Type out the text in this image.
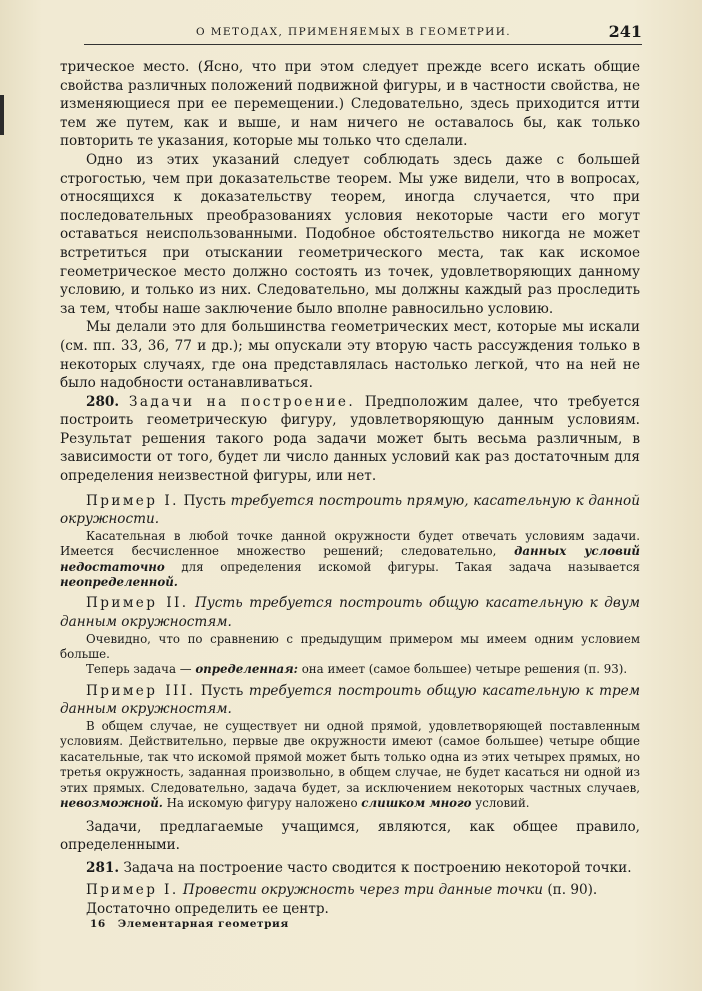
О МЕТОДАХ, ПРИМЕНЯЕМЫХ В ГЕОМЕТРИИ.	241

трическое место. (Ясно, что при этом следует прежде всего искать общие свойства различных положений подвижной фигуры, и в частности свойства, не изменяющиеся при ее перемещении.) Следовательно, здесь приходится итти тем же путем, как и выше, и нам ничего не оставалось бы, как только повторить те указания, которые мы только что сделали.

Одно из этих указаний следует соблюдать здесь даже с большей строгостью, чем при доказательстве теорем. Мы уже видели, что в вопросах, относящихся к доказательству теорем, иногда случается, что при последовательных преобразованиях условия некоторые части его могут оставаться неиспользованными. Подобное обстоятельство никогда не может встретиться при отыскании геометрического места, так как искомое геометрическое место должно состоять из точек, удовлетворяющих данному условию, и только из них. Следовательно, мы должны каждый раз проследить за тем, чтобы наше заключение было вполне равносильно условию.

Мы делали это для большинства геометрических мест, которые мы искали (см. пп. 33, 36, 77 и др.); мы опускали эту вторую часть рассуждения только в некоторых случаях, где она представлялась настолько легкой, что на ней не было надобности останавливаться.

280. Задачи на построение. Предположим далее, что требуется построить геометрическую фигуру, удовлетворяющую данным условиям. Результат решения такого рода задачи может быть весьма различным, в зависимости от того, будет ли число данных условий как раз достаточным для определения неизвестной фигуры, или нет.

Пример I. Пусть требуется построить прямую, касательную к данной окружности.

Касательная в любой точке данной окружности будет отвечать условиям задачи. Имеется бесчисленное множество решений; следовательно, данных условий недостаточно для определения искомой фигуры. Такая задача называется неопределенной.

Пример II. Пусть требуется построить общую касательную к двум данным окружностям.

Очевидно, что по сравнению с предыдущим примером мы имеем одним условием больше.

Теперь задача — определенная: она имеет (самое большее) четыре решения (п. 93).

Пример III. Пусть требуется построить общую касательную к трем данным окружностям.

В общем случае, не существует ни одной прямой, удовлетворяющей поставленным условиям. Действительно, первые две окружности имеют (самое большее) четыре общие касательные, так что искомой прямой может быть только одна из этих четырех прямых, но третья окружность, заданная произвольно, в общем случае, не будет касаться ни одной из этих прямых. Следовательно, задача будет, за исключением некоторых частных случаев, невозможной. На искомую фигуру наложено слишком много условий.

Задачи, предлагаемые учащимся, являются, как общее правило, определенными.

281. Задача на построение часто сводится к построению некоторой точки.

Пример I. Провести окружность через три данные точки (п. 90).

Достаточно определить ее центр.

16 Элементарная геометрия
